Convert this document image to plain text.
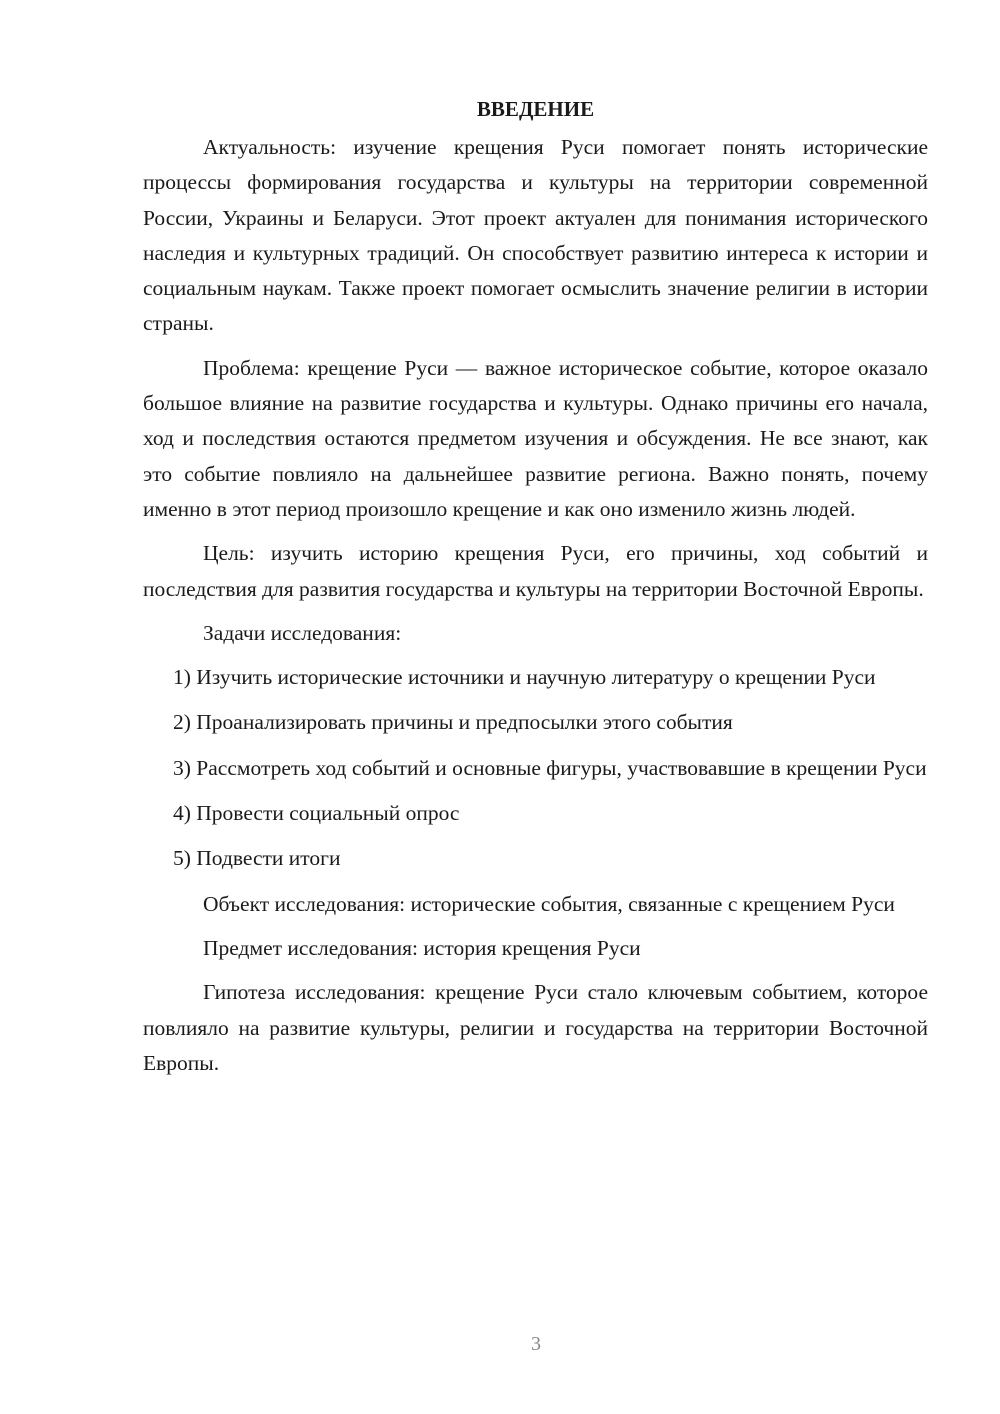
ВВЕДЕНИЕ

Актуальность: изучение крещения Руси помогает понять исторические процессы формирования государства и культуры на территории современной России, Украины и Беларуси. Этот проект актуален для понимания исторического наследия и культурных традиций. Он способствует развитию интереса к истории и социальным наукам. Также проект помогает осмыслить значение религии в истории страны.

Проблема: крещение Руси — важное историческое событие, которое оказало большое влияние на развитие государства и культуры. Однако причины его начала, ход и последствия остаются предметом изучения и обсуждения. Не все знают, как это событие повлияло на дальнейшее развитие региона. Важно понять, почему именно в этот период произошло крещение и как оно изменило жизнь людей.

Цель: изучить историю крещения Руси, его причины, ход событий и последствия для развития государства и культуры на территории Восточной Европы.

Задачи исследования:

1) Изучить исторические источники и научную литературу о крещении Руси

2) Проанализировать причины и предпосылки этого события

3) Рассмотреть ход событий и основные фигуры, участвовавшие в крещении Руси

4) Провести социальный опрос

5) Подвести итоги

Объект исследования: исторические события, связанные с крещением Руси

Предмет исследования: история крещения Руси

Гипотеза исследования: крещение Руси стало ключевым событием, которое повлияло на развитие культуры, религии и государства на территории Восточной Европы.

3
